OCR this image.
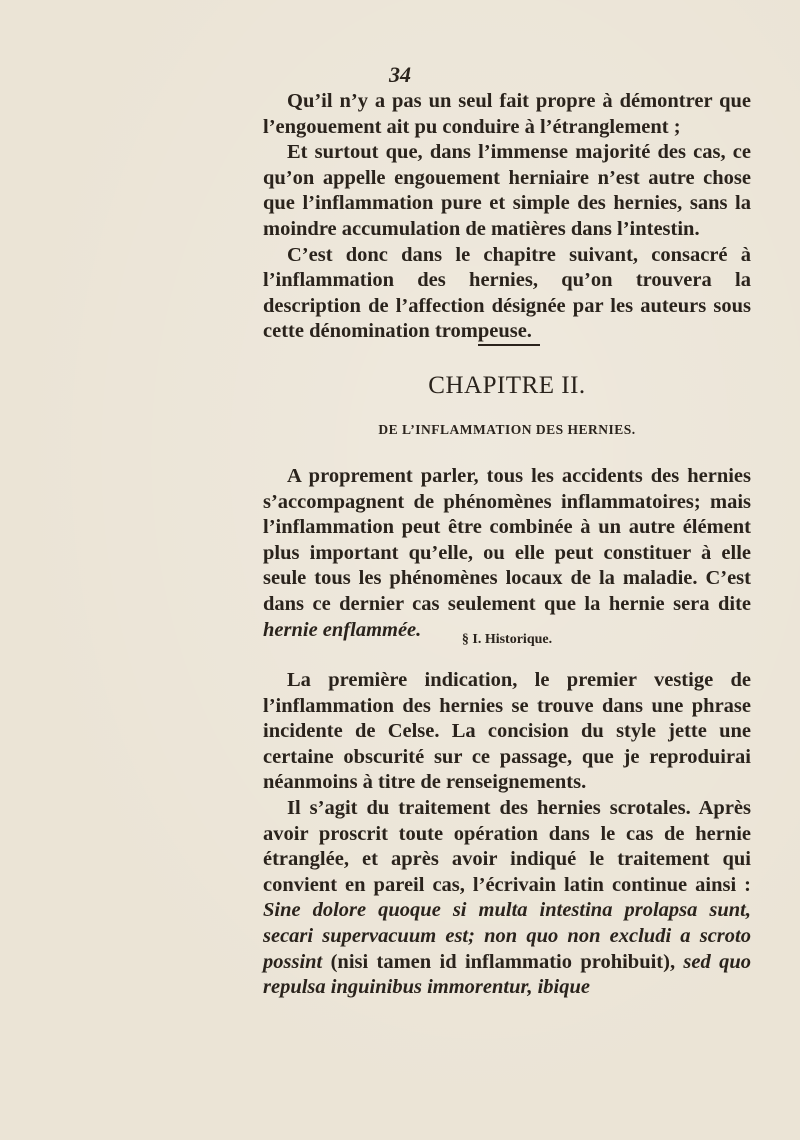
34

Qu’il n’y a pas un seul fait propre à démontrer que l’engouement ait pu conduire à l’étranglement ;

Et surtout que, dans l’immense majorité des cas, ce qu’on appelle engouement herniaire n’est autre chose que l’inflammation pure et simple des hernies, sans la moindre accumulation de matières dans l’intestin.

C’est donc dans le chapitre suivant, consacré à l’inflammation des hernies, qu’on trouvera la description de l’affection désignée par les auteurs sous cette dénomination trompeuse.

CHAPITRE II.
DE L’INFLAMMATION DES HERNIES.

A proprement parler, tous les accidents des hernies s’accompagnent de phénomènes inflammatoires; mais l’inflammation peut être combinée à un autre élément plus important qu’elle, ou elle peut constituer à elle seule tous les phénomènes locaux de la maladie. C’est dans ce dernier cas seulement que la hernie sera dite hernie enflammée.	§ I. Historique.

La première indication, le premier vestige de l’inflammation des hernies se trouve dans une phrase incidente de Celse. La concision du style jette une certaine obscurité sur ce passage, que je reproduirai néanmoins à titre de renseignements.

Il s’agit du traitement des hernies scrotales. Après avoir proscrit toute opération dans le cas de hernie étranglée, et après avoir indiqué le traitement qui convient en pareil cas, l’écrivain latin continue ainsi : Sine dolore quoque si multa intestina prolapsa sunt, secari supervacuum est; non quo non excludi a scroto possint (nisi tamen id inflammatio prohibuit), sed quo repulsa inguinibus immorentur, ibique
